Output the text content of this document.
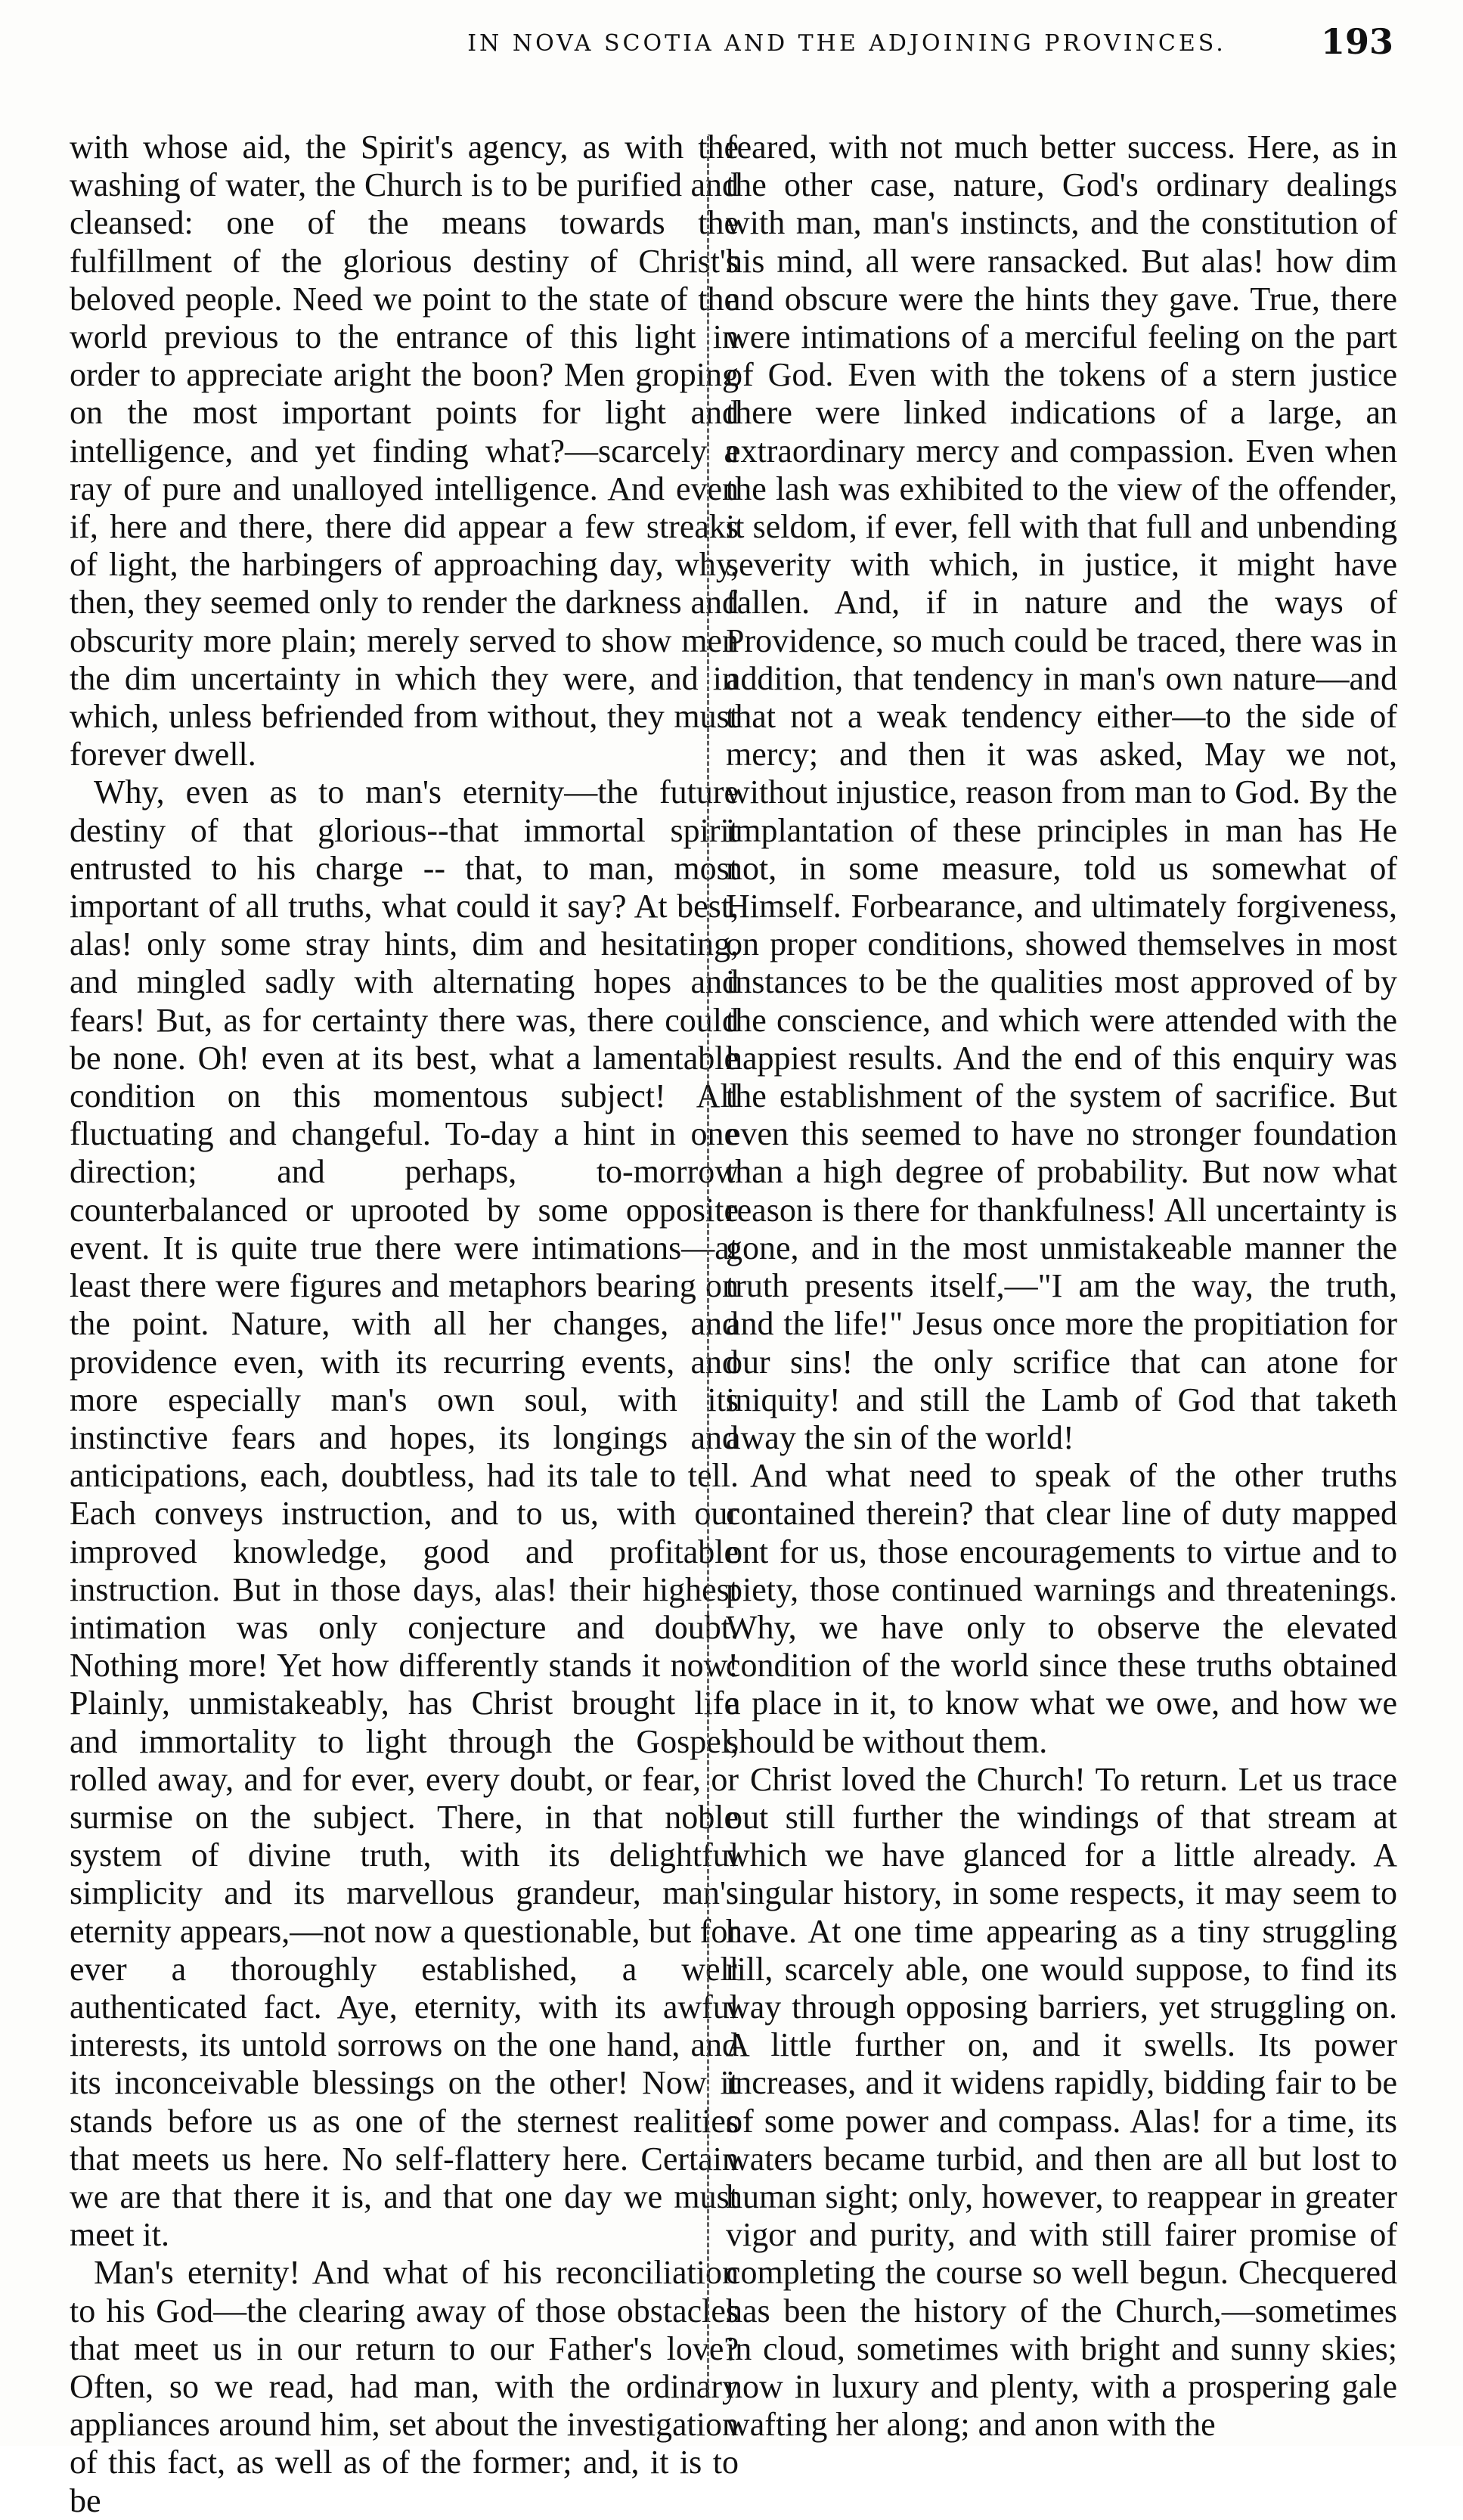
IN NOVA SCOTIA AND THE ADJOINING PROVINCES.	193

with whose aid, the Spirit's agency, as with the washing of water, the Church is to be purified and cleansed: one of the means towards the fulfillment of the glorious destiny of Christ's beloved people. Need we point to the state of the world previous to the entrance of this light in order to appreciate aright the boon? Men groping on the most important points for light and intelligence, and yet finding what?—scarcely a ray of pure and unalloyed intelligence. And even if, here and there, there did appear a few streaks of light, the harbingers of approaching day, why, then, they seemed only to render the darkness and obscurity more plain; merely served to show men the dim uncertainty in which they were, and in which, unless befriended from without, they must forever dwell.

Why, even as to man's eternity—the future destiny of that glorious--that immortal spirit entrusted to his charge -- that, to man, most important of all truths, what could it say? At best, alas! only some stray hints, dim and hesitating, and mingled sadly with alternating hopes and fears! But, as for certainty there was, there could be none. Oh! even at its best, what a lamentable condition on this momentous subject! All fluctuating and changeful. To-day a hint in one direction; and perhaps, to-morrow counterbalanced or uprooted by some opposite event. It is quite true there were intimations—at least there were figures and metaphors bearing on the point. Nature, with all her changes, and providence even, with its recurring events, and more especially man's own soul, with its instinctive fears and hopes, its longings and anticipations, each, doubtless, had its tale to tell. Each conveys instruction, and to us, with our improved knowledge, good and profitable instruction. But in those days, alas! their highest intimation was only conjecture and doubt. Nothing more! Yet how differently stands it now! Plainly, unmistakeably, has Christ brought life and immortality to light through the Gospel, rolled away, and for ever, every doubt, or fear, or surmise on the subject. There, in that noble system of divine truth, with its delightful simplicity and its marvellous grandeur, man's eternity appears,—not now a questionable, but for ever a thoroughly established, a well authenticated fact. Aye, eternity, with its awful interests, its untold sorrows on the one hand, and its inconceivable blessings on the other! Now it stands before us as one of the sternest realities that meets us here. No self-flattery here. Certain we are that there it is, and that one day we must meet it.

Man's eternity! And what of his reconciliation to his God—the clearing away of those obstacles that meet us in our return to our Father's love? Often, so we read, had man, with the ordinary appliances around him, set about the investigation of this fact, as well as of the former; and, it is to be

feared, with not much better success. Here, as in the other case, nature, God's ordinary dealings with man, man's instincts, and the constitution of his mind, all were ransacked. But alas! how dim and obscure were the hints they gave. True, there were intimations of a merciful feeling on the part of God. Even with the tokens of a stern justice there were linked indications of a large, an extraordinary mercy and compassion. Even when the lash was exhibited to the view of the offender, it seldom, if ever, fell with that full and unbending severity with which, in justice, it might have fallen. And, if in nature and the ways of Providence, so much could be traced, there was in addition, that tendency in man's own nature—and that not a weak tendency either—to the side of mercy; and then it was asked, May we not, without injustice, reason from man to God. By the implantation of these principles in man has He not, in some measure, told us somewhat of Himself. Forbearance, and ultimately forgiveness, on proper conditions, showed themselves in most instances to be the qualities most approved of by the conscience, and which were attended with the happiest results. And the end of this enquiry was the establishment of the system of sacrifice. But even this seemed to have no stronger foundation than a high degree of probability. But now what reason is there for thankfulness! All uncertainty is gone, and in the most unmistakeable manner the truth presents itself,—"I am the way, the truth, and the life!" Jesus once more the propitiation for our sins! the only scrifice that can atone for iniquity! and still the Lamb of God that taketh away the sin of the world!

And what need to speak of the other truths contained therein? that clear line of duty mapped ont for us, those encouragements to virtue and to piety, those continued warnings and threatenings. Why, we have only to observe the elevated condition of the world since these truths obtained a place in it, to know what we owe, and how we should be without them.

Christ loved the Church! To return. Let us trace out still further the windings of that stream at which we have glanced for a little already. A singular history, in some respects, it may seem to have. At one time appearing as a tiny struggling rill, scarcely able, one would suppose, to find its way through opposing barriers, yet struggling on. A little further on, and it swells. Its power increases, and it widens rapidly, bidding fair to be of some power and compass. Alas! for a time, its waters became turbid, and then are all but lost to human sight; only, however, to reappear in greater vigor and purity, and with still fairer promise of completing the course so well begun. Checquered has been the history of the Church,—sometimes in cloud, sometimes with bright and sunny skies; now in luxury and plenty, with a prospering gale wafting her along; and anon with the
